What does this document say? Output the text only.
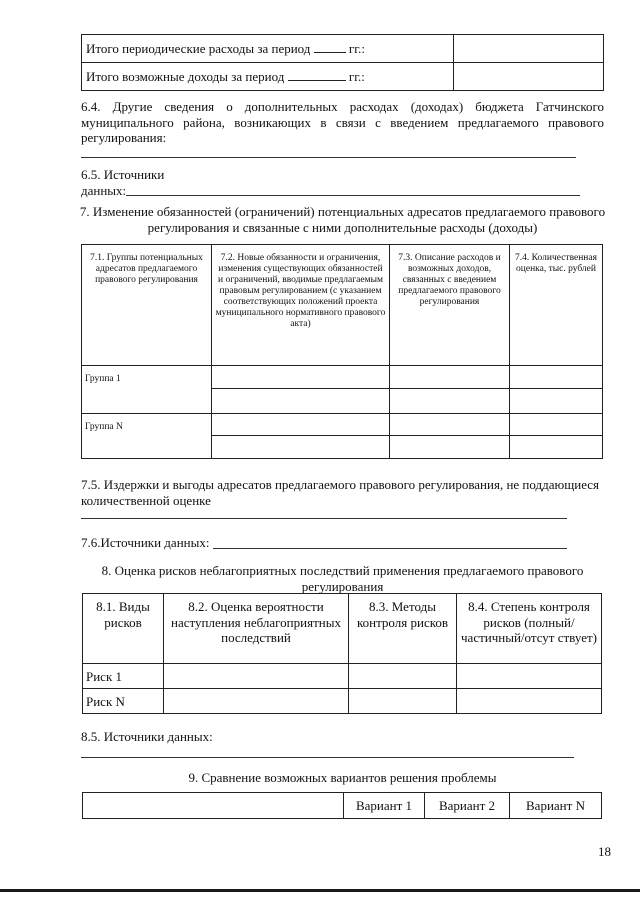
Итого периодические расходы за период гг.:	
Итого возможные доходы за период гг.:	
6.4. Другие сведения о дополнительных расходах (доходах) бюджета Гатчинского
муниципального района, возникающих в связи с введением предлагаемого правового
регулирования:
6.5. Источники
данных:
7. Изменение обязанностей (ограничений) потенциальных адресатов предлагаемого правового
регулирования и связанные с ними дополнительные расходы (доходы)
7.1. Группы потенциальных адресатов предлагаемого правового регулирования	7.2. Новые обязанности и ограничения, изменения существующих обязанностей и ограничений, вводимые предлагаемым правовым регулированием (с указанием соответствующих положений проекта муниципального нормативного правового акта)	7.3. Описание расходов и возможных доходов, связанных с введением предлагаемого правового регулирования	7.4. Количественная оценка, тыс. рублей
Группа 1			

Группа N			

7.5. Издержки и выгоды адресатов предлагаемого правового регулирования, не поддающиеся
количественной оценке
7.6.Источники данных:
8. Оценка рисков неблагоприятных последствий применения предлагаемого правового
регулирования
8.1. Виды рисков	8.2. Оценка вероятности наступления неблагоприятных последствий	8.3. Методы контроля рисков	8.4. Степень контроля рисков (полный/частичный/отсут ствует)
Риск 1			
Риск N			
8.5. Источники данных:
9. Сравнение возможных вариантов решения проблемы
	Вариант 1	Вариант 2	Вариант N
18
